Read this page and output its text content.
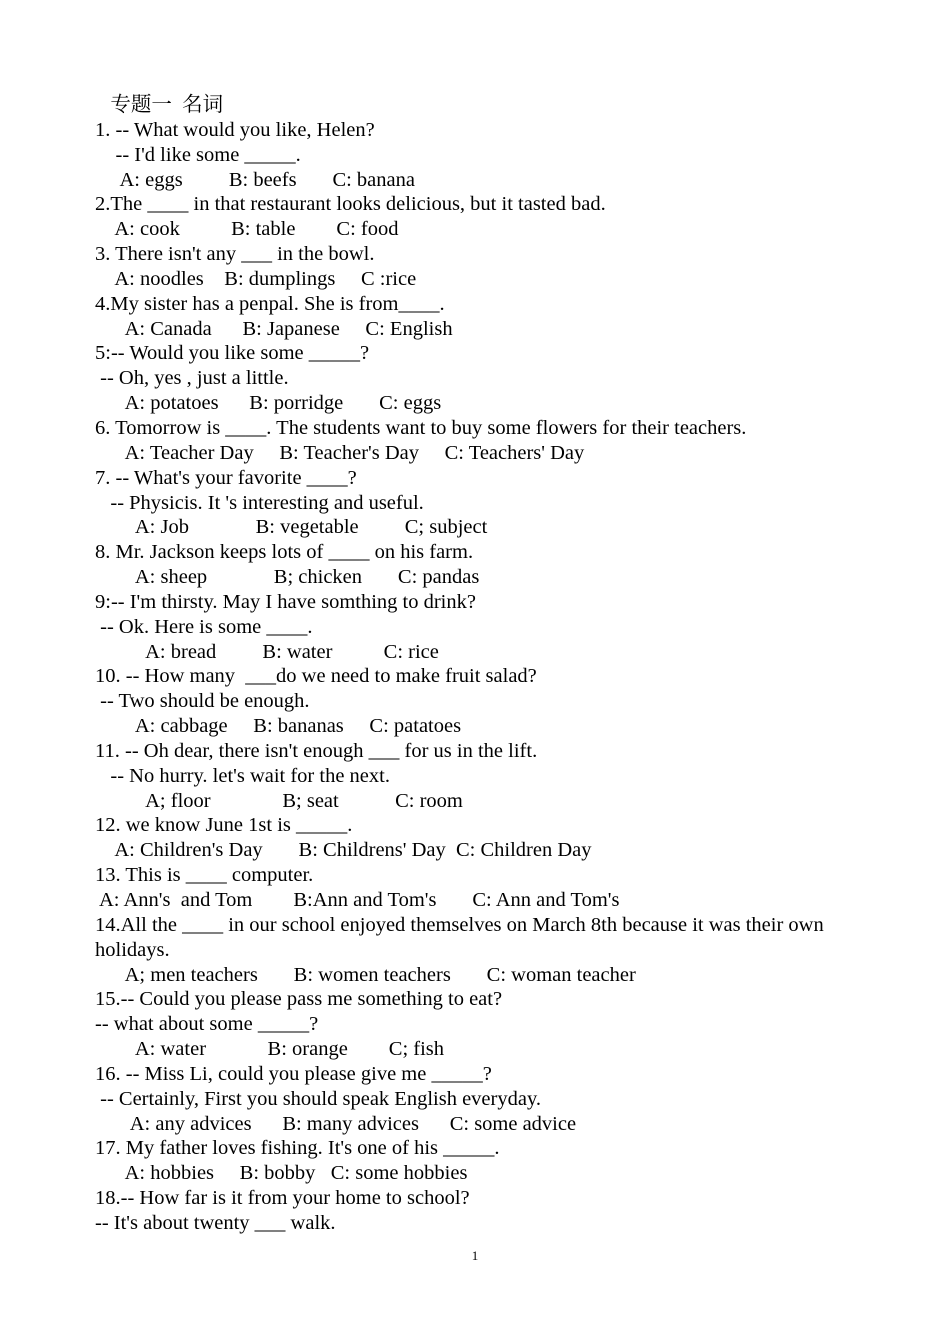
专题一  名词
1. -- What would you like, Helen?
-- I'd like some _____.
A: eggs         B: beefs       C: banana
2.The ____ in that restaurant looks delicious, but it tasted bad.
A: cook          B: table        C: food
3. There isn't any ___ in the bowl.
A: noodles    B: dumplings     C :rice
4.My sister has a penpal. She is from____.
A: Canada      B: Japanese     C: English
5:-- Would you like some _____?
-- Oh, yes , just a little.
A: potatoes      B: porridge       C: eggs
6. Tomorrow is ____. The students want to buy some flowers for their teachers.
A: Teacher Day     B: Teacher's Day     C: Teachers' Day
7. -- What's your favorite ____?
-- Physicis. It 's interesting and useful.
A: Job             B: vegetable         C; subject
8. Mr. Jackson keeps lots of ____ on his farm.
A: sheep             B; chicken       C: pandas
9:-- I'm thirsty. May I have somthing to drink?
-- Ok. Here is some ____.
A: bread         B: water          C: rice
10. -- How many  ___do we need to make fruit salad?
-- Two should be enough.
A: cabbage     B: bananas     C: patatoes
11. -- Oh dear, there isn't enough ___ for us in the lift.
-- No hurry. let's wait for the next.
A; floor              B; seat           C: room
12. we know June 1st is _____.
A: Children's Day       B: Childrens' Day  C: Children Day
13. This is ____ computer.
A: Ann's  and Tom        B:Ann and Tom's       C: Ann and Tom's
14.All the ____ in our school enjoyed themselves on March 8th because it was their own holidays.
A; men teachers       B: women teachers       C: woman teacher
15.-- Could you please pass me something to eat?
-- what about some _____?
A: water            B: orange        C; fish
16. -- Miss Li, could you please give me _____?
-- Certainly, First you should speak English everyday.
A: any advices      B: many advices      C: some advice
17. My father loves fishing. It's one of his _____.
A: hobbies     B: bobby   C: some hobbies
18.-- How far is it from your home to school?
-- It's about twenty ___ walk.
1
